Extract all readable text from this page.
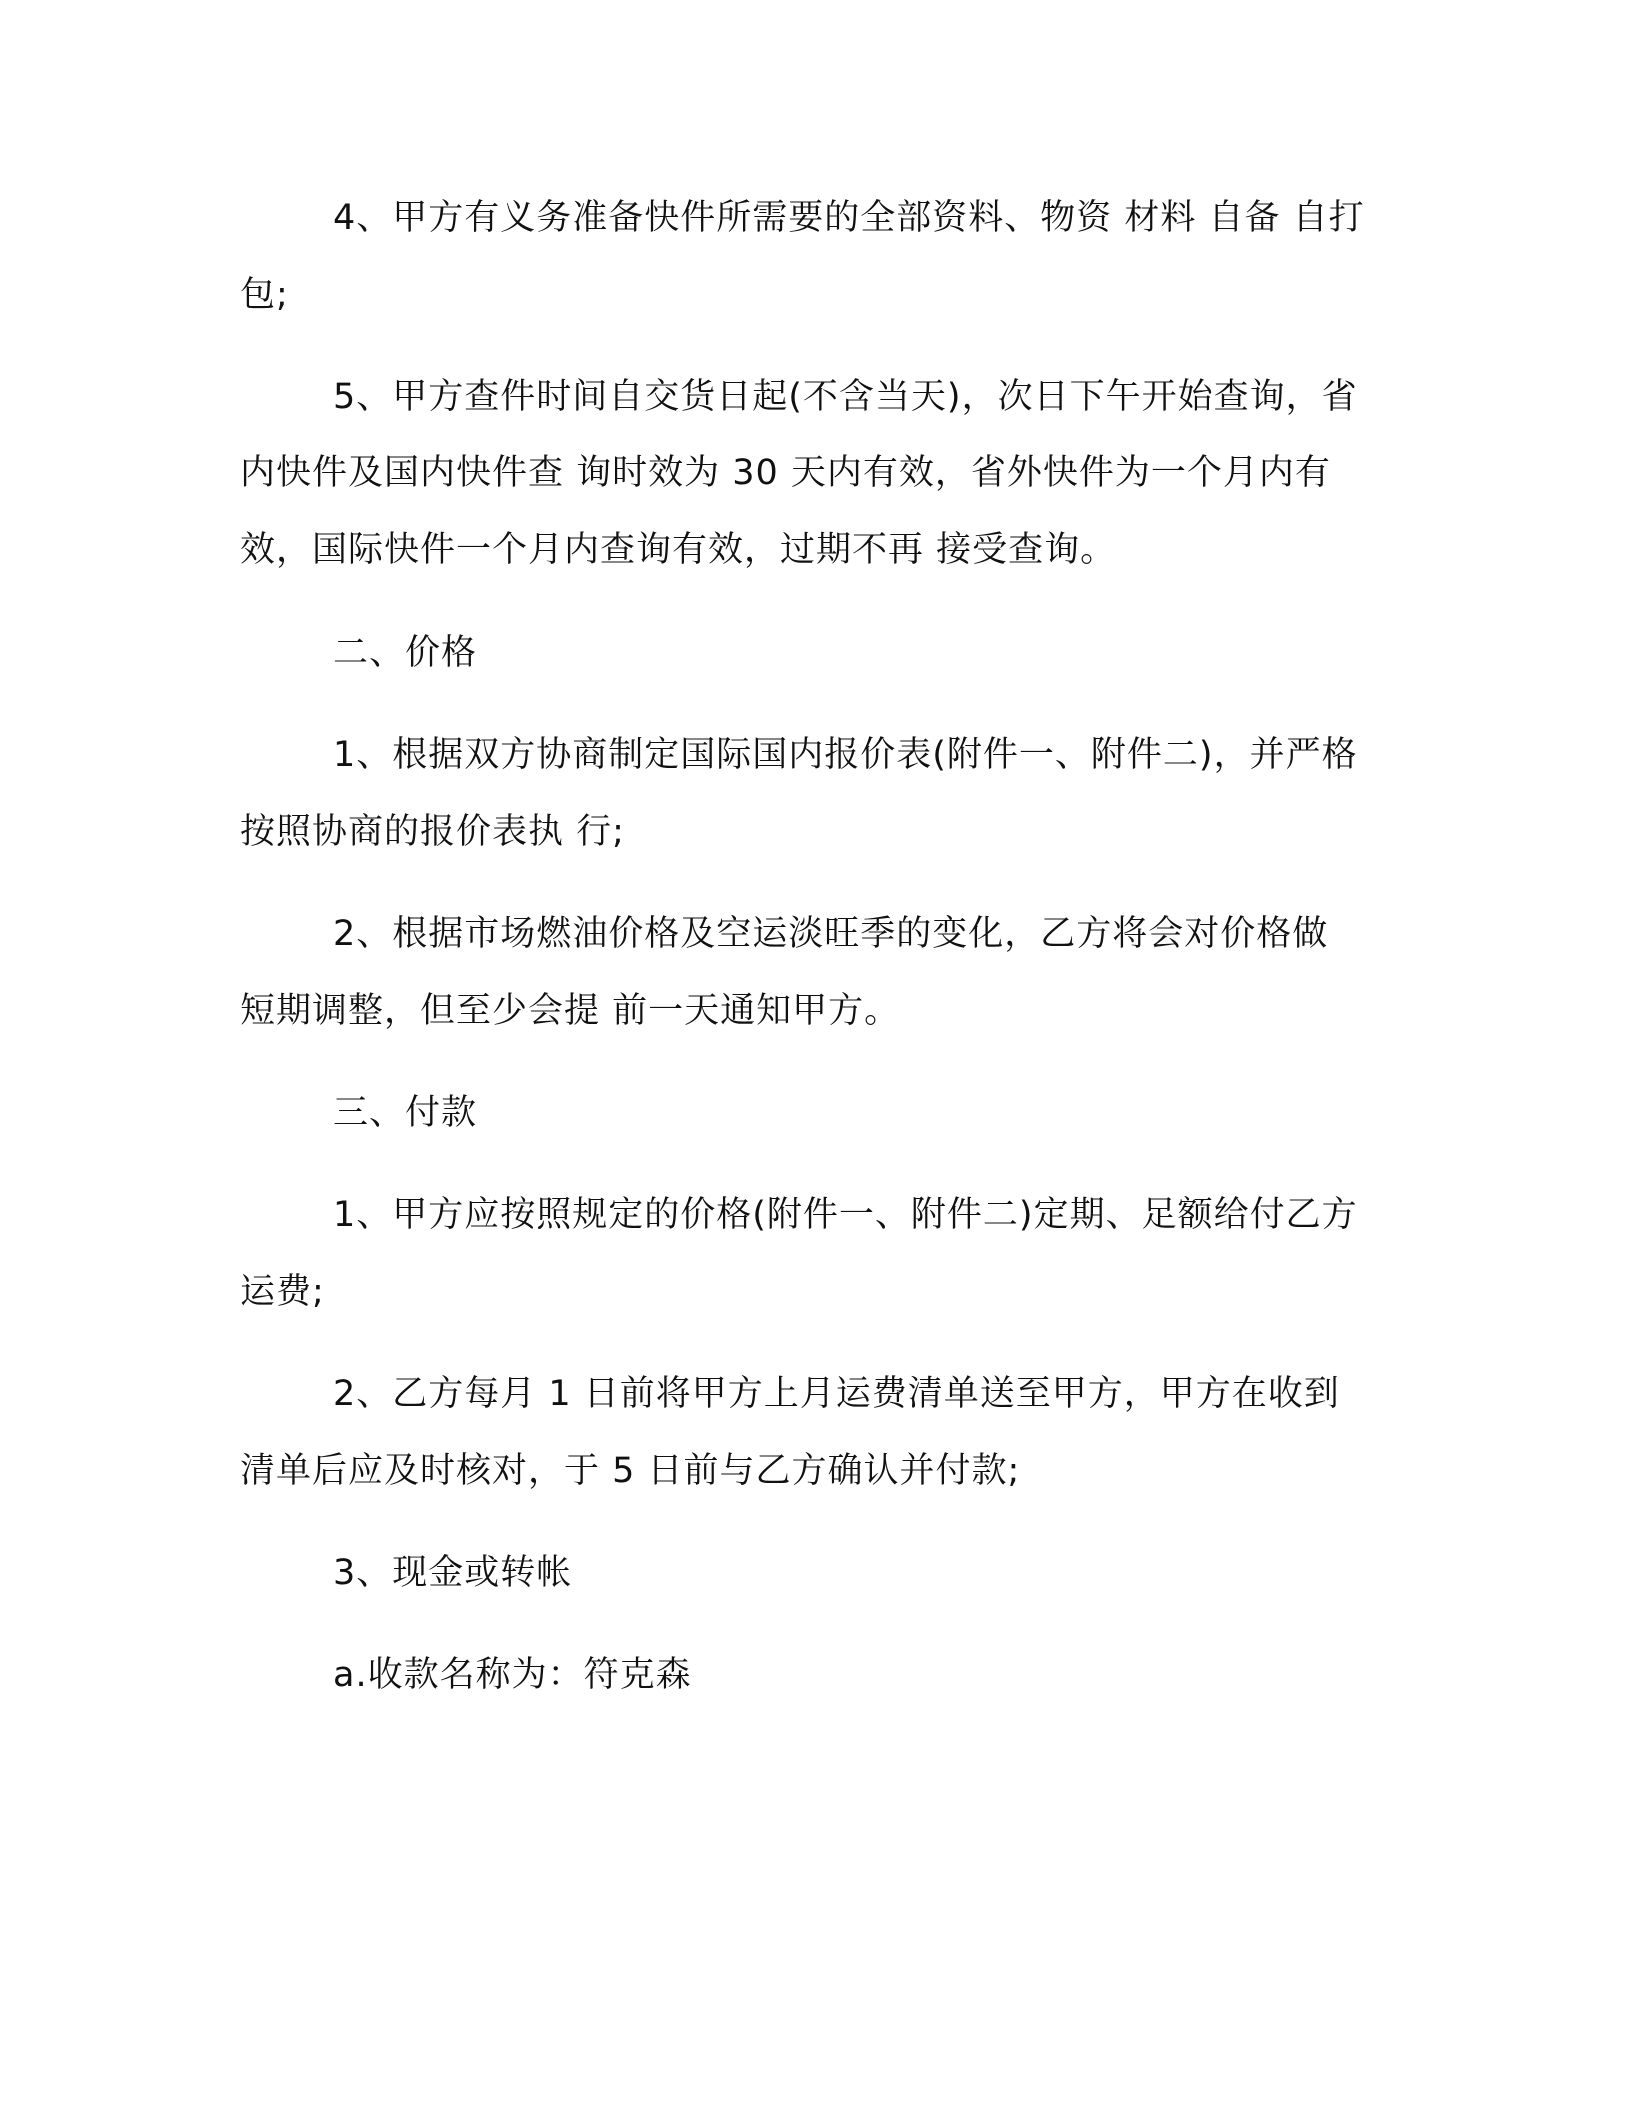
4、甲方有义务准备快件所需要的全部资料、物资 材料 自备 自打
包;
5、甲方查件时间自交货日起(不含当天)，次日下午开始查询，省
内快件及国内快件查 询时效为 30 天内有效，省外快件为一个月内有
效，国际快件一个月内查询有效，过期不再 接受查询。
二、价格
1、根据双方协商制定国际国内报价表(附件一、附件二)，并严格
按照协商的报价表执 行;
2、根据市场燃油价格及空运淡旺季的变化，乙方将会对价格做
短期调整，但至少会提 前一天通知甲方。
三、付款
1、甲方应按照规定的价格(附件一、附件二)定期、足额给付乙方
运费;
2、乙方每月 1 日前将甲方上月运费清单送至甲方，甲方在收到
清单后应及时核对，于 5 日前与乙方确认并付款;
3、现金或转帐
a.收款名称为：符克森
